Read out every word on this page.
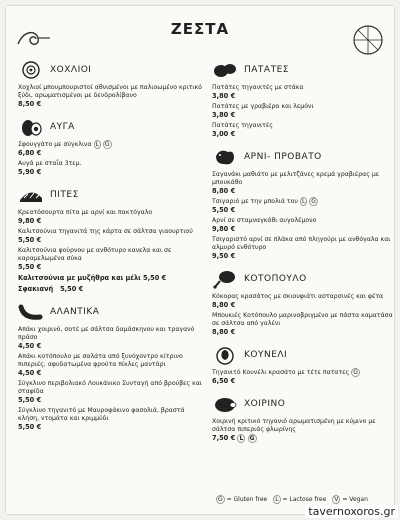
ΖΕΣΤΑ
ΧΟΧΛΙΟΙ
Χοχλιοί μπουμπουριστοί αθνισμένοι με παλιοωμένο κριτικό ξύδι, αρωματισμένοι με δενδρολίβανο
8,50 €
ΑΥΓΑ
Σφουγγάτο με σύγκλινα L G
6,80 €
Αυγά με σταΐα 3τεμ.
5,90 €
ΠΙΤΕΣ
Κρεατόσουρτα πίτα με αρνί και πακτόγαλο
9,80 €
Καλιτσούνια τηγανιτά της κάρτα σε σάλτσα γιαουρτιού
5,50 €
Καλιτσούνια φούρνου με ανθότυρο κανελα και σε καραμελωμένα σύκα
5,50 €
Καλιτσούνια με μυζήθρα και μέλι 5,50 €
Σφακιανή 5,50 €
ΑΛΑΝΤΙΚΑ
Απάκι χοιρινό, σοτέ με σάλτσα δαμάσκηνου και τραγανό πράσο
4,50 €
Απάκι κοτόπουλο με σαλάτα από ξυνόχοντρο κίτρινο πιπεριές, αφυδατωμένα φρούτα πίκλες μαντάρι
4,50 €
Σύγκλινο περιβολιακό Λουκάνικο Συνταγή από βρούβες και σταφίδα
5,50 €
Σύγκλινο τηγανιτό με Μαυροφάκινο φασολιά, βραστά κλήση, ντομάτα και κριμμύδι
5,50 €
ΠΑΤΑΤΕΣ
Πατάτες τηγανιτές με στάκα
3,80 €
Πατάτες με γραβιέρα και λεμόνι
3,80 €
Πατάτες τηγανιτές
3,00 €
ΑΡΝΙ- ΠΡΟΒΑΤΟ
Σαγανάκι μαθιάτο με μελιτζάνες κρεμά γραβιέρας με μπουκάθο
8,80 €
Τσιγαριό με την μπολιά του L G
5,50 €
Αρνί σε σταμναγκάθι αυγολέμονο
9,80 €
Τσιγαριστό αρνί σε πλάκα από πληγούρι με ανθόγαλα και αλμυρό ενθότυρο
9,50 €
ΚΟΤΟΠΟΥΛΟ
Κόκορας κρασάτος με σκιουφιάτι ασταρσινές και φέτα
8,80 €
Μπουκιές Κοτόπουλο μαρινοβριγμένο με πάστα καματάσα σε σάλτσα από γαλένι
8,80 €
ΚΟΥΝΕΛΙ
Τηγανιτό Κουνέλι κρασάτο με τέτε πατατες G
6,50 €
ΧΟΙΡΙΝΟ
Χοιρινή κριτικό τηγανιό αρωματισμένη με κύμινο με σάλτσα πιπεριάς φλωρίνης
7,50 € L G
G = Gluten free	L = Lactose free	V = Vegan
tavernoxoros.gr
